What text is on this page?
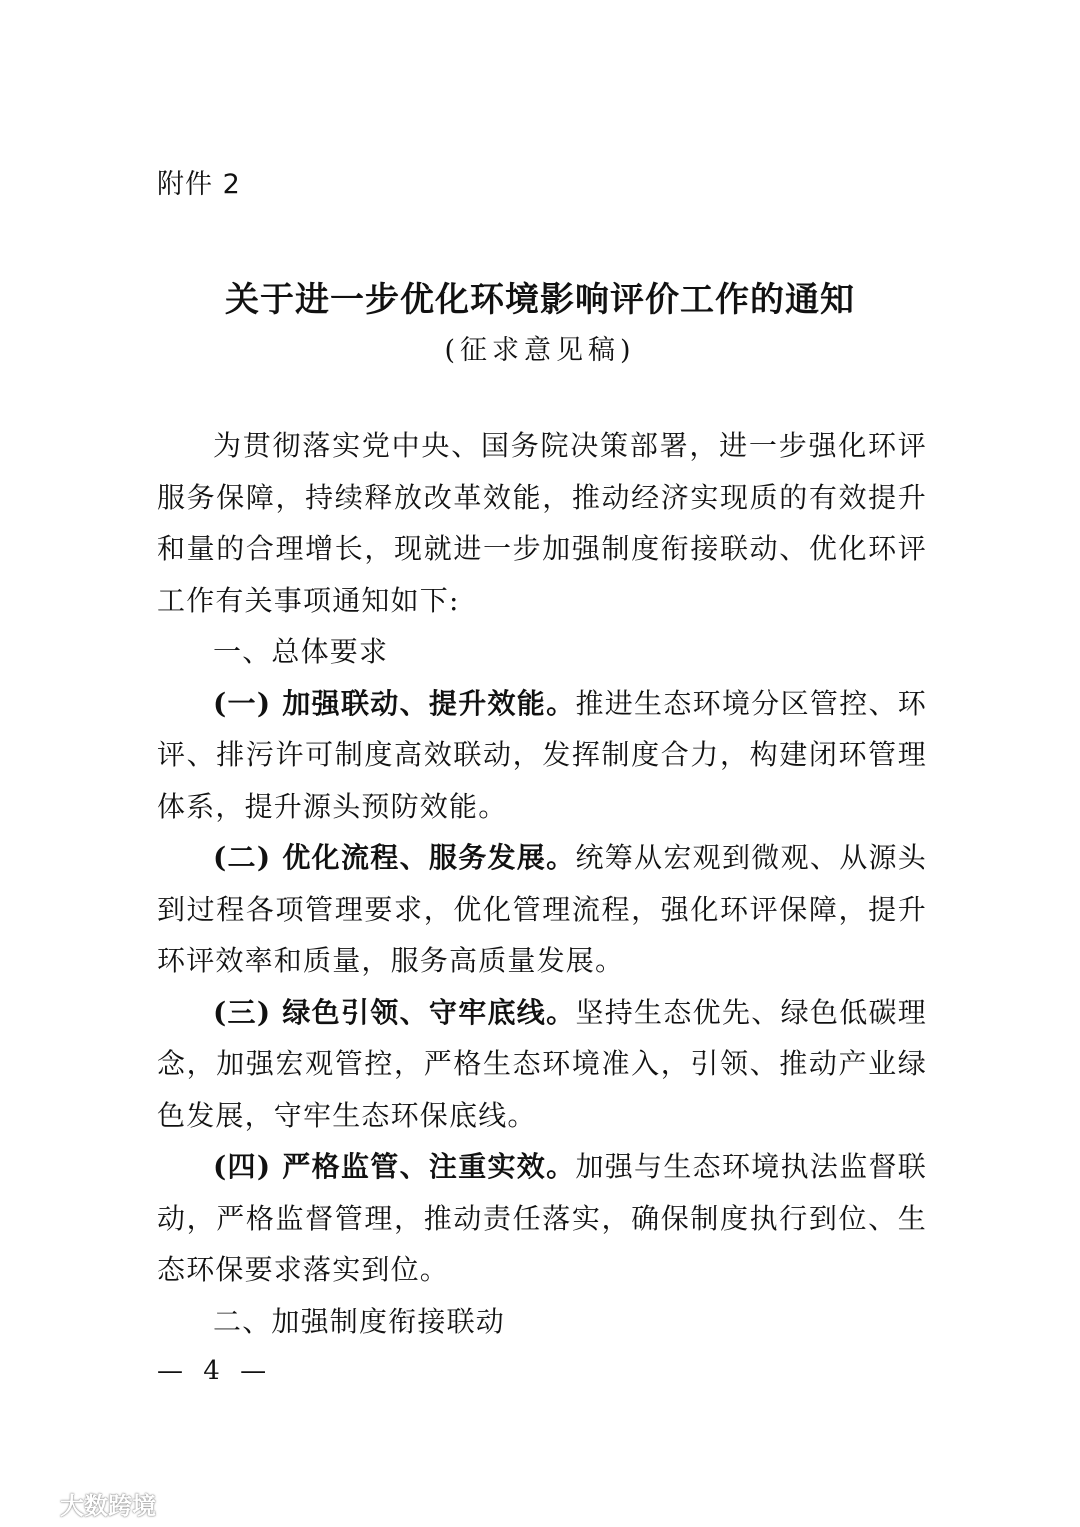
附件 2
关于进一步优化环境影响评价工作的通知
(征求意见稿)

为贯彻落实党中央、国务院决策部署，进一步强化环评服务保障，持续释放改革效能，推动经济实现质的有效提升和量的合理增长，现就进一步加强制度衔接联动、优化环评工作有关事项通知如下:

一、总体要求

(一) 加强联动、提升效能。推进生态环境分区管控、环评、排污许可制度高效联动，发挥制度合力，构建闭环管理体系，提升源头预防效能。

(二) 优化流程、服务发展。统筹从宏观到微观、从源头到过程各项管理要求，优化管理流程，强化环评保障，提升环评效率和质量，服务高质量发展。

(三) 绿色引领、守牢底线。坚持生态优先、绿色低碳理念，加强宏观管控，严格生态环境准入，引领、推动产业绿色发展，守牢生态环保底线。

(四) 严格监管、注重实效。加强与生态环境执法监督联动，严格监督管理，推动责任落实，确保制度执行到位、生态环保要求落实到位。

二、加强制度衔接联动

— 4 —
大数跨境
